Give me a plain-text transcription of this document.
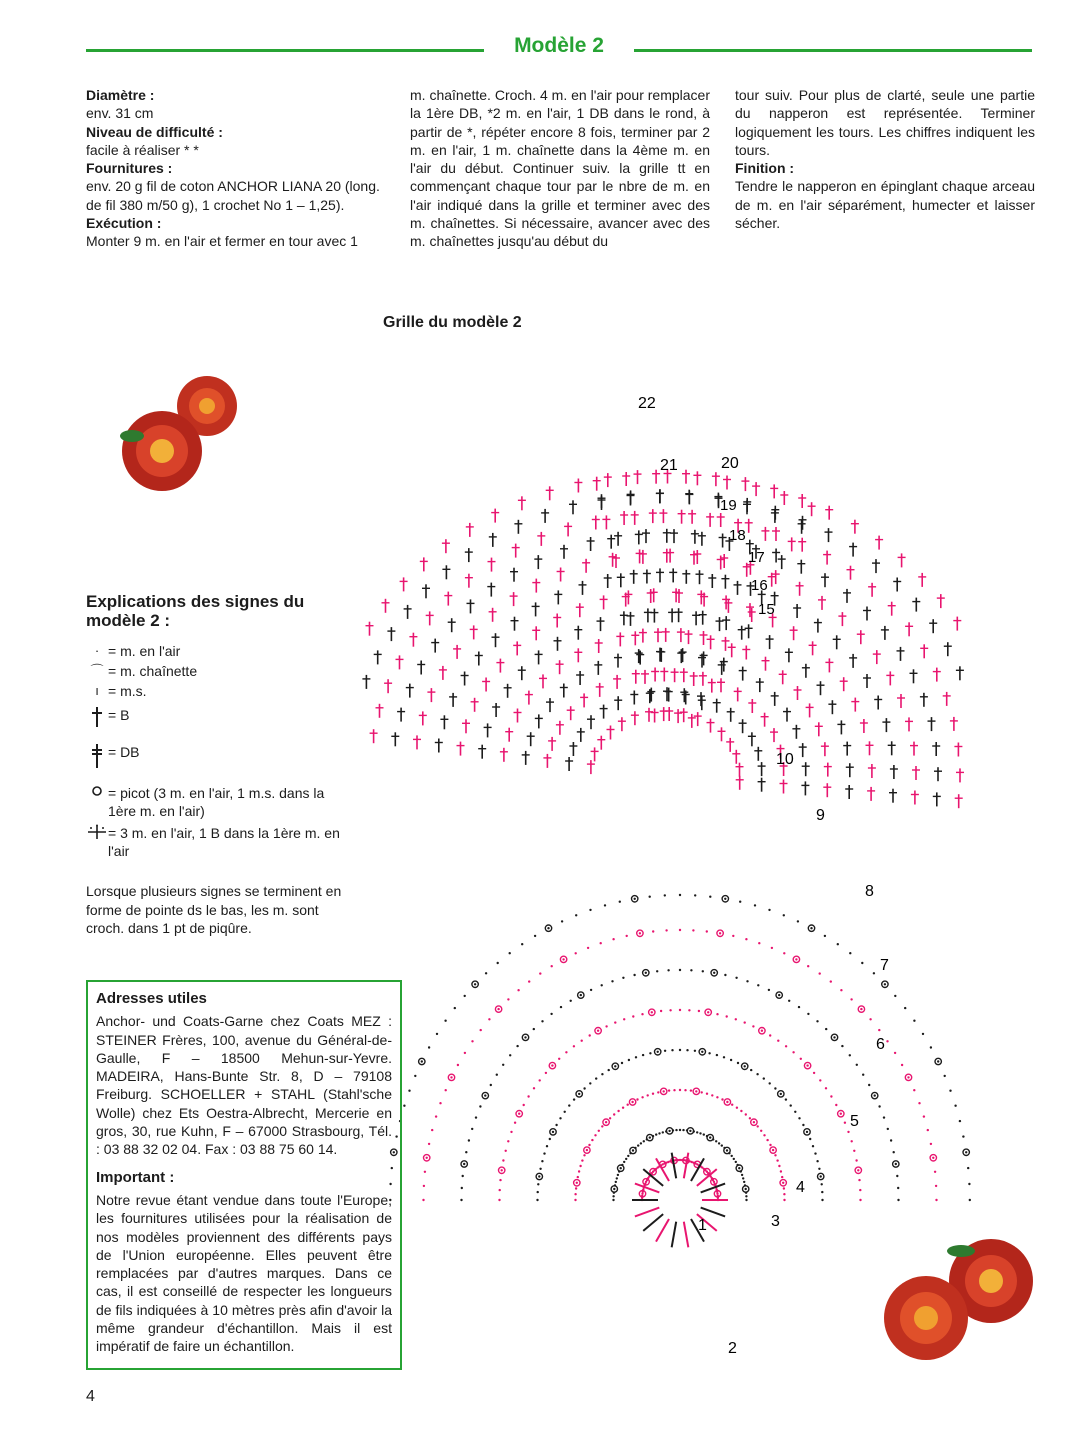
Modèle 2
Diamètre :
env. 31 cm
Niveau de difficulté :
facile à réaliser * *
Fournitures :
env. 20 g fil de coton ANCHOR LIANA 20 (long. de fil 380 m/50 g), 1 crochet No 1 – 1,25).
Exécution :
Monter 9 m. en l'air et fermer en tour avec 1
m. chaînette. Croch. 4 m. en l'air pour remplacer la 1ère DB, *2 m. en l'air, 1 DB dans le rond, à partir de *, répéter encore 8 fois, terminer par 2 m. en l'air, 1 m. chaînette dans la 4ème m. en l'air du début. Continuer suiv. la grille tt en commençant chaque tour par le nbre de m. en l'air indiqué dans la grille et terminer avec des m. chaînettes. Si nécessaire, avancer avec des m. chaînettes jusqu'au début du
tour suiv. Pour plus de clarté, seule une partie du napperon est représentée. Terminer logiquement les tours. Les chiffres indiquent les tours.
Finition :
Tendre le napperon en épinglant chaque arceau de m. en l'air séparément, humecter et laisser sécher.
Grille du modèle 2
1
2
3
4
5
6
7
8
9
10
15
16
17
18
19
20
21
22
Explications des signes du modèle 2 :
· = m. en l'air
⌒ = m. chaînette
ı = m.s.
= B
= DB
= picot (3 m. en l'air, 1 m.s. dans la 1ère m. en l'air)
= 3 m. en l'air, 1 B dans la 1ère m. en l'air
Lorsque plusieurs signes se terminent en forme de pointe ds le bas, les m. sont croch. dans 1 pt de piqûre.
Adresses utiles

Anchor- und Coats-Garne chez Coats MEZ : STEINER Frères, 100, avenue du Général-de-Gaulle, F – 18500 Mehun-sur-Yevre. MADEIRA, Hans-Bunte Str. 8, D – 79108 Freiburg. SCHOELLER + STAHL (Stahl'sche Wolle) chez Ets Oestra-Albrecht, Mercerie en gros, 30, rue Kuhn, F – 67000 Strasbourg, Tél. : 03 88 32 02 04. Fax : 03 88 75 60 14.

Important :

Notre revue étant vendue dans toute l'Europe, les fournitures utilisées pour la réalisation de nos modèles proviennent des différents pays de l'Union européenne. Elles peuvent être remplacées par d'autres marques. Dans ce cas, il est conseillé de respecter les longueurs de fils indiquées à 10 mètres près afin d'avoir la même grandeur d'échantillon. Mais il est impératif de faire un échantillon.

4
